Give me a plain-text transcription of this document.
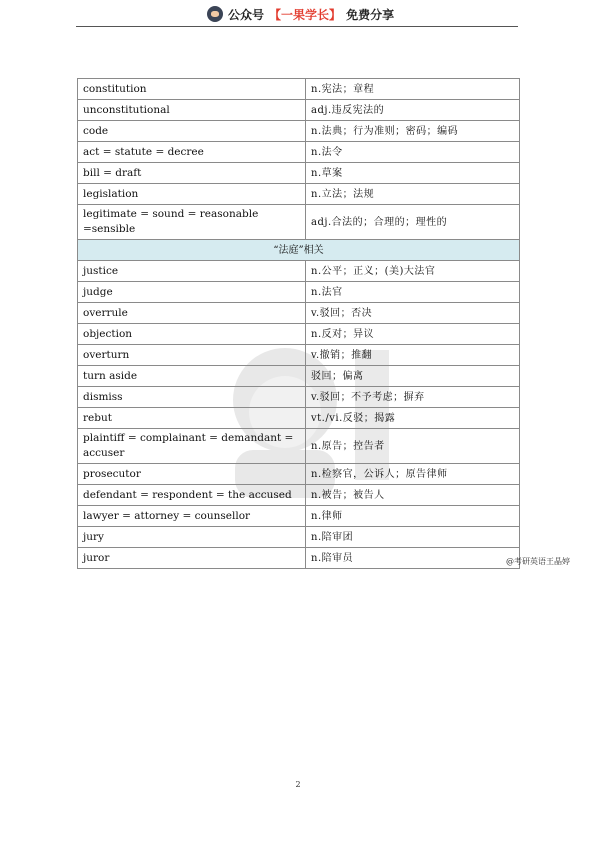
公众号 【 一果学长 】 免费分享
constitution	n.宪法；章程
unconstitutional	adj.违反宪法的
code	n.法典；行为准则；密码；编码
act = statute = decree	n.法令
bill = draft	n.草案
legislation	n.立法；法规
legitimate = sound = reasonable =sensible	adj.合法的；合理的；理性的
“法庭”相关	
justice	n.公平；正义；(美)大法官
judge	n.法官
overrule	v.驳回；否决
objection	n.反对；异议
overturn	v.撤销；推翻
turn aside	驳回；偏离
dismiss	v.驳回；不予考虑；摒弃
rebut	vt./vi.反驳；揭露
plaintiff = complainant = demandant = accuser	n.原告；控告者
prosecutor	n.检察官，公诉人；原告律师
defendant = respondent = the accused	n.被告；被告人
lawyer = attorney = counsellor	n.律师
jury	n.陪审团
juror	n.陪审员	@考研英语王晶婷
2
